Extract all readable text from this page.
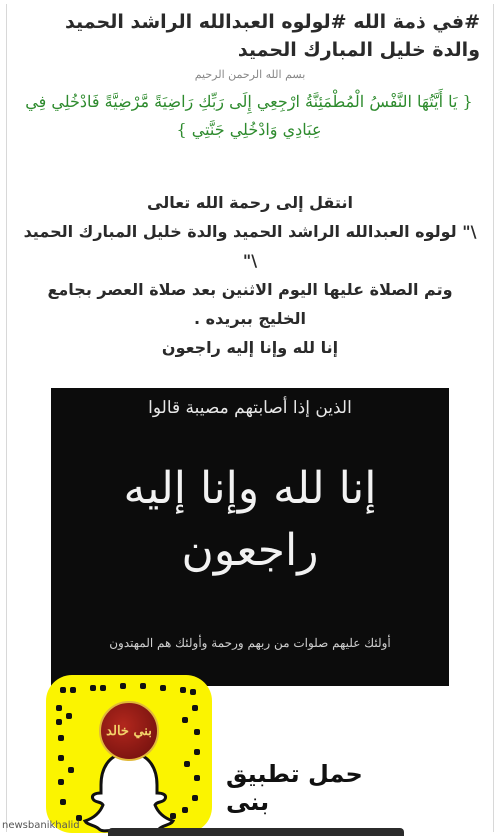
#في ذمة الله #لولوه العبدالله الراشد الحميد والدة خليل المبارك الحميد
بسم الله الرحمن الرحيم
{ يَا أَيَّتُهَا النَّفْسُ الْمُطْمَئِنَّةُ ارْجِعِي إِلَى رَبِّكِ رَاضِيَةً مَّرْضِيَّةً فَادْخُلِي فِي عِبَادِي وَادْخُلِي جَنَّتِي }
انتقل إلى رحمة الله تعالى
\" لولوه العبدالله الراشد الحميد والدة خليل المبارك الحميد \"
وتم الصلاة عليها اليوم الاثنين بعد صلاة العصر بجامع الخليج ببريده .
إنا لله وإنا إليه راجعون
الذين إذا أصابتهم مصيبة قالوا
إنا لله وإنا إليه
راجعون
أولئك عليهم صلوات من ربهم ورحمة وأولئك هم المهتدون
بني خالد
حمل تطبيق بنى
newsbanikhalid
